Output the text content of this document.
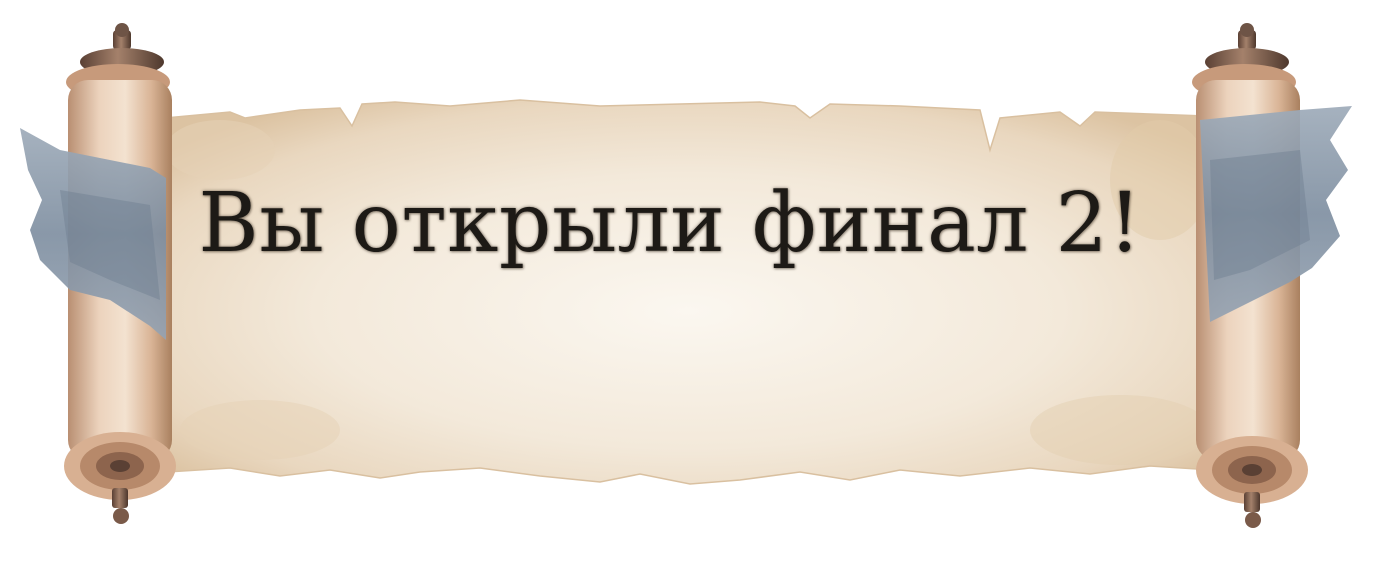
Вы открыли финал 2!
